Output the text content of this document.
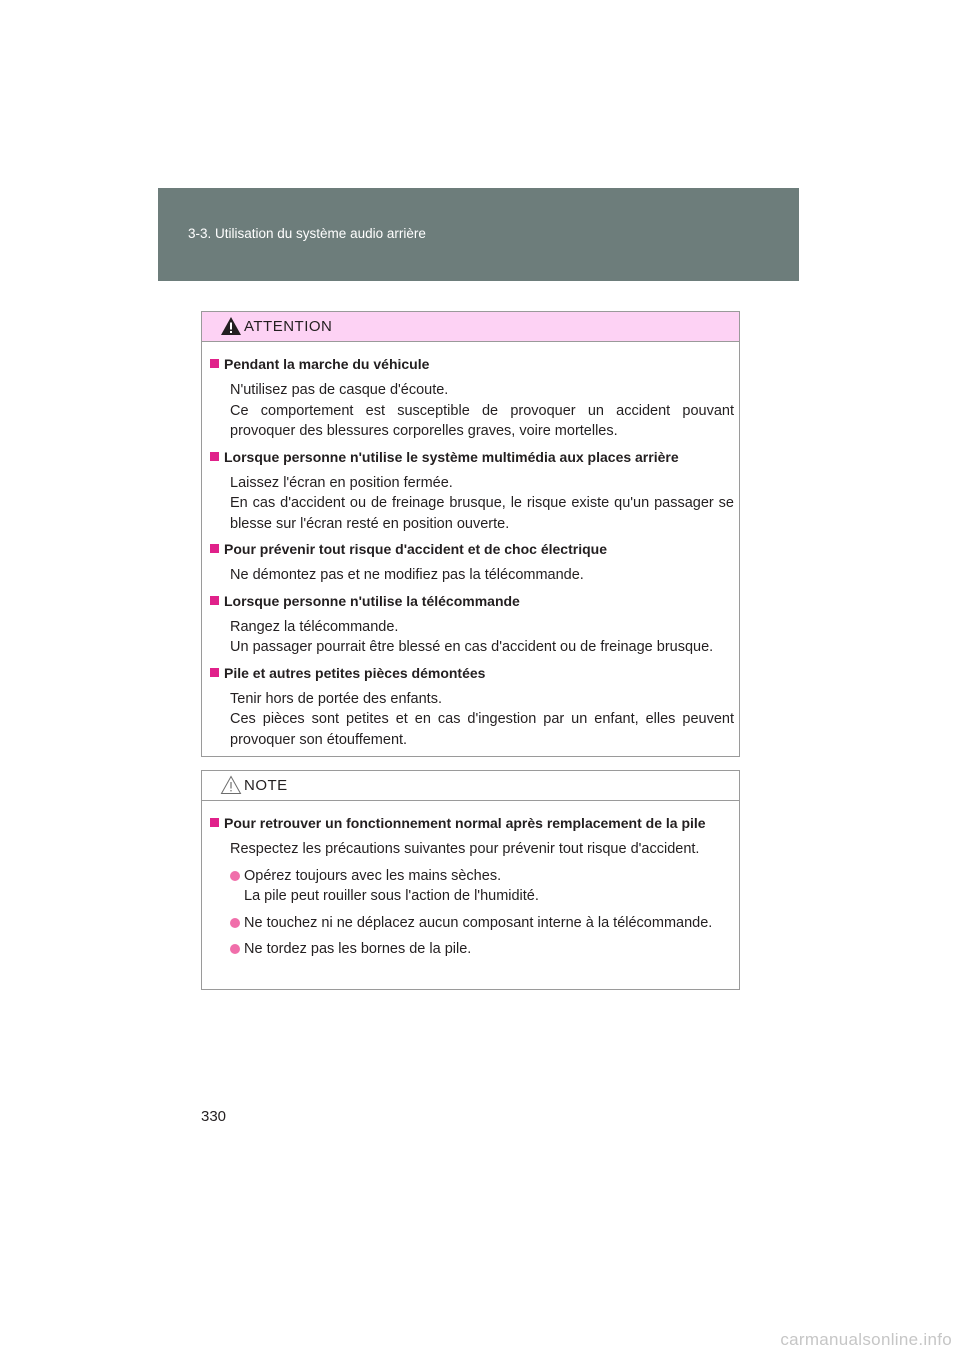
3-3. Utilisation du système audio arrière
ATTENTION
Pendant la marche du véhicule

N'utilisez pas de casque d'écoute.

Ce comportement est susceptible de provoquer un accident pouvant provoquer des blessures corporelles graves, voire mortelles.

Lorsque personne n'utilise le système multimédia aux places arrière

Laissez l'écran en position fermée.

En cas d'accident ou de freinage brusque, le risque existe qu'un passager se blesse sur l'écran resté en position ouverte.

Pour prévenir tout risque d'accident et de choc électrique

Ne démontez pas et ne modifiez pas la télécommande.

Lorsque personne n'utilise la télécommande

Rangez la télécommande.

Un passager pourrait être blessé en cas d'accident ou de freinage brusque.

Pile et autres petites pièces démontées

Tenir hors de portée des enfants.

Ces pièces sont petites et en cas d'ingestion par un enfant, elles peuvent provoquer son étouffement.

NOTE
Pour retrouver un fonctionnement normal après remplacement de la pile

Respectez les précautions suivantes pour prévenir tout risque d'accident.

Opérez toujours avec les mains sèches.

La pile peut rouiller sous l'action de l'humidité.

Ne touchez ni ne déplacez aucun composant interne à la télécommande.

Ne tordez pas les bornes de la pile.

330
carmanualsonline.info
